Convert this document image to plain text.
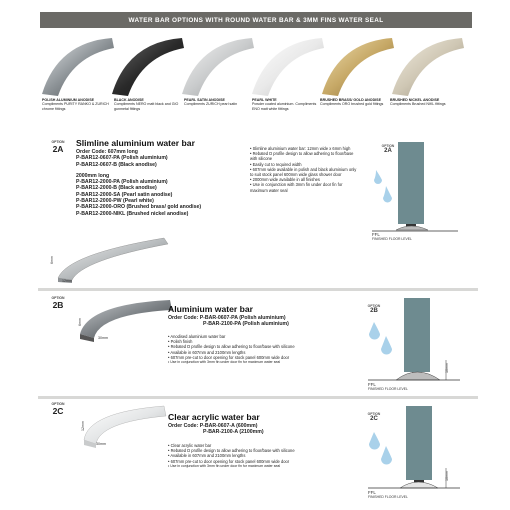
WATER BAR OPTIONS WITH ROUND WATER BAR & 3MM FINS WATER SEAL
POLISH ALUMINIUM ANODISE
Compliments PURITY RANKO & ZURICH chrome fittings
BLACK ANODISE
Compliments NERO matt black and GIO gunmetal fittings
PEARL SATIN ANODISE
Compliments ZURICH pearl satin
PEARL WHITE
Powder coated aluminium. Compliments ENO matt white fittings
BRUSHED BRASS/ GOLD ANODISE
Compliments ORO brushed gold fittings
BRUSHED NICKEL ANODISE
Compliments Brushed NIKL fittings
OPTION
2A
Slimline aluminium water bar
Order Code: 607mm long
P-BAR12-0607-PA (Polish aluminium)
P-BAR12-0607-B (Black anodise)
2000mm long
P-BAR12-2000-PA (Polish aluminium)
P-BAR12-2000-B (Black anodise)
P-BAR12-2000-SA (Pearl satin anodise)
P-BAR12-2000-PW (Pearl white)
P-BAR12-2000-ORO (Brushed brass/ gold anodise)
P-BAR12-2000-NIKL (Brushed nickel anodise)
• Slimline aluminium water bar: 12mm wide x 6mm high
• Rebated D profile design to allow adhering to floor/base with silicone
• Easily cut to required width
• 607mm wide available in polish and black aluminium only to suit stock panel 600mm wide glass shower door
• 2000mm wide available in all finishes
• Use in conjunction with 3mm fin under door fin for maximum water seal
6mm
12mm
OPTION
2A
FFL
FINISHED FLOOR LEVEL
OPTION
2B
6mm
30mm
Aluminium water bar
Order Code: P-BAR-0607-PA (Polish aluminium)
P-BAR-2100-PA (Polish aluminium)
• Anodised aluminium water bar
• Polish finish
• Rebated D profile design to allow adhering to floor/base with silicone
• Available in 607mm and 2100mm lengths
• 607mm pre-cut to door opening for stock panel 600mm wide door
• Use in conjunction with 3mm fin under door fin for maximum water seal
OPTION
2B
10mm
FFL
FINISHED FLOOR LEVEL
OPTION
2C
12mm
30mm
Clear acrylic water bar
Order Code: P-BAR-0607-A (600mm)
P-BAR-2100-A (2100mm)
• Clear acrylic water bar
• Rebated D profile design to allow adhering to floor/base with silicone
• Available in 607mm and 2100mm lengths
• 607mm pre-cut to door opening for stock panel 600mm wide door
• Use in conjunction with 3mm fin under door fin for maximum water seal
OPTION
2C
10mm
FFL
FINISHED FLOOR LEVEL
